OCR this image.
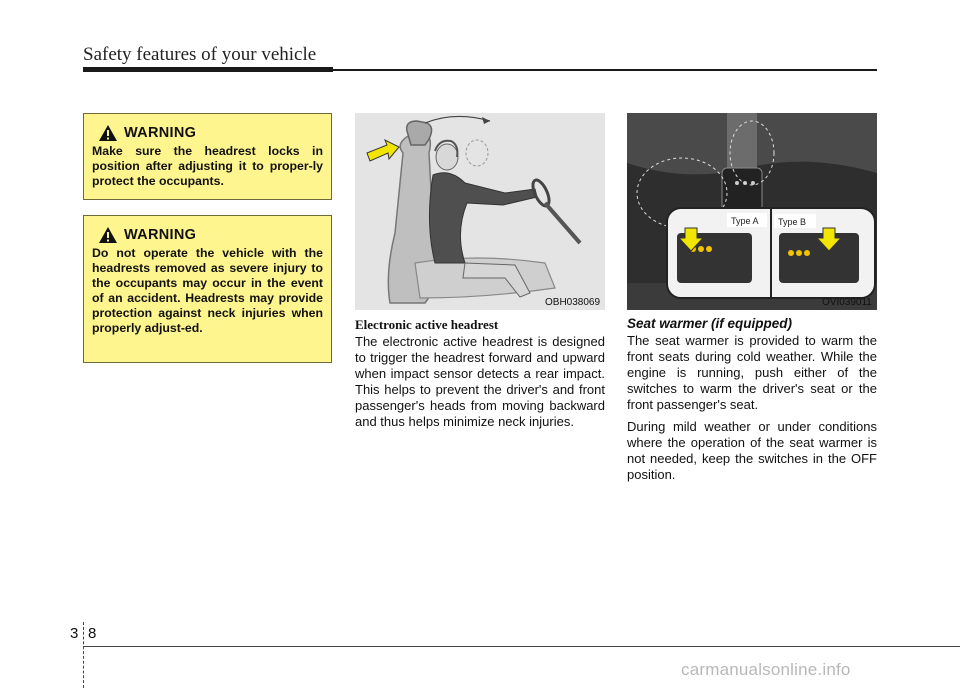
Safety features of your vehicle
WARNING
Make sure the headrest locks in position after adjusting it to proper-ly protect the occupants.
WARNING
Do not operate the vehicle with the headrests removed as severe injury to the occupants may occur in the event of an accident. Headrests may provide protection against neck injuries when properly adjust-ed.
OBH038069
Type A Type B
OVI039011
Electronic active headrest

The electronic active headrest is designed to trigger the headrest forward and upward when impact sensor detects a rear impact. This helps to prevent the driver's and front passenger's heads from moving backward and thus helps minimize neck injuries.

Seat warmer (if equipped)

The seat warmer is provided to warm the front seats during cold weather. While the engine is running, push either of the switches to warm the driver's seat or the front passenger's seat.

During mild weather or under conditions where the operation of the seat warmer is not needed, keep the switches in the OFF position.

3 8
carmanualsonline.info
